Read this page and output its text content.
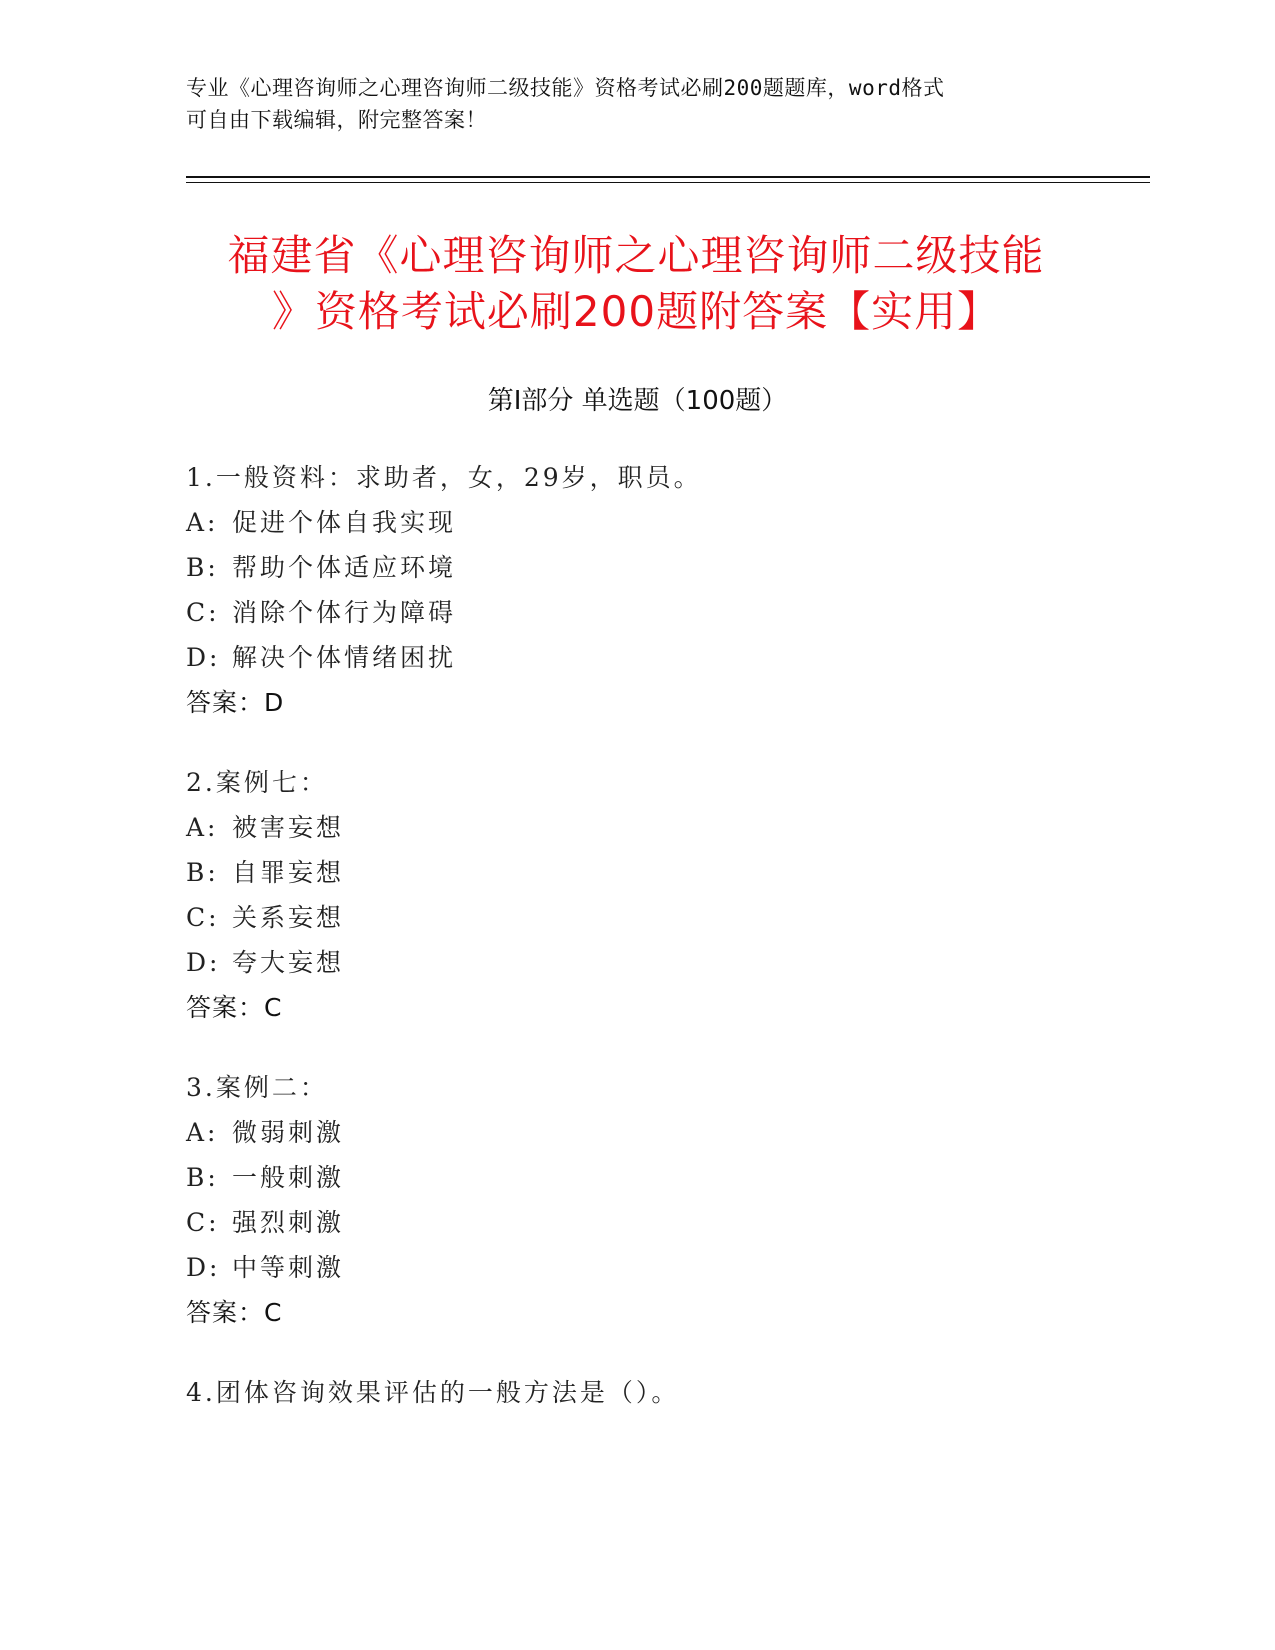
专业《心理咨询师之心理咨询师二级技能》资格考试必刷200题题库，word格式
可自由下载编辑，附完整答案！
福建省《心理咨询师之心理咨询师二级技能
》资格考试必刷200题附答案【实用】
第Ⅰ部分 单选题（100题）
1.一般资料：求助者，女，29岁，职员。
A: 促进个体自我实现
B: 帮助个体适应环境
C: 消除个体行为障碍
D: 解决个体情绪困扰
答案：D
2.案例七：
A: 被害妄想
B: 自罪妄想
C: 关系妄想
D: 夸大妄想
答案：C
3.案例二：
A: 微弱刺激
B: 一般刺激
C: 强烈刺激
D: 中等刺激
答案：C
4.团体咨询效果评估的一般方法是（）。
